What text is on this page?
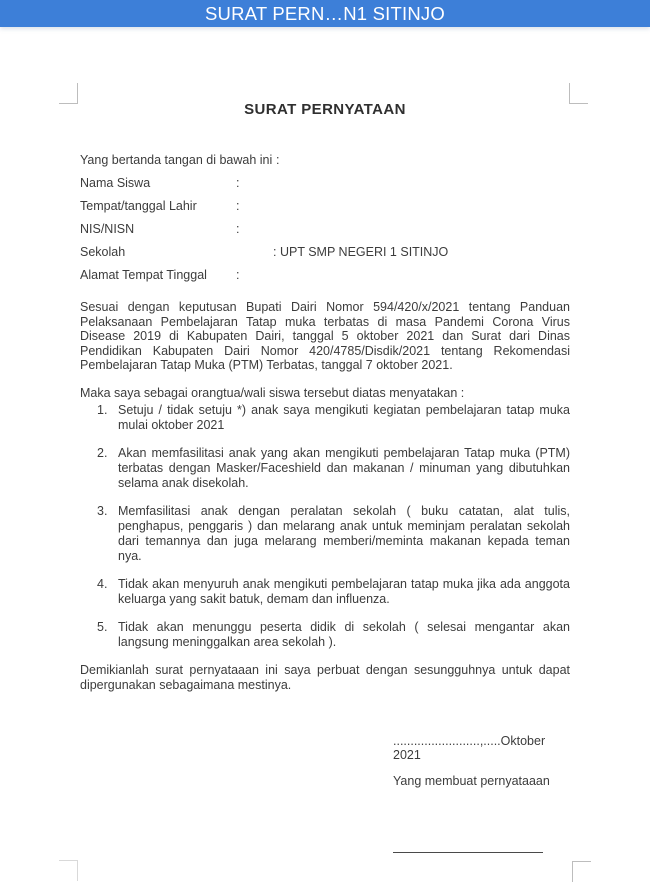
SURAT PERN…N1 SITINJO
SURAT PERNYATAAN
Yang bertanda tangan di bawah ini :
Nama Siswa	:
Tempat/tanggal Lahir	:
NIS/NISN	:
Sekolah	: UPT SMP NEGERI 1 SITINJO
Alamat Tempat Tinggal	:

Sesuai dengan keputusan Bupati Dairi Nomor 594/420/x/2021 tentang Panduan Pelaksanaan Pembelajaran Tatap muka terbatas di masa Pandemi Corona Virus Disease 2019 di Kabupaten Dairi, tanggal 5 oktober 2021 dan Surat dari Dinas Pendidikan Kabupaten Dairi Nomor 420/4785/Disdik/2021 tentang Rekomendasi Pembelajaran Tatap Muka (PTM) Terbatas, tanggal 7 oktober 2021.

Maka saya sebagai orangtua/wali siswa tersebut diatas menyatakan :

1. Setuju / tidak setuju *) anak saya mengikuti kegiatan pembelajaran tatap muka mulai oktober 2021
2. Akan memfasilitasi anak yang akan mengikuti pembelajaran Tatap muka (PTM) terbatas dengan Masker/Faceshield dan makanan / minuman yang dibutuhkan selama anak disekolah.
3. Memfasilitasi anak dengan peralatan sekolah ( buku catatan, alat tulis, penghapus, penggaris ) dan melarang anak untuk meminjam peralatan sekolah dari temannya dan juga melarang memberi/meminta makanan kepada teman nya.
4. Tidak akan menyuruh anak mengikuti pembelajaran tatap muka jika ada anggota keluarga yang sakit batuk, demam dan influenza.
5. Tidak akan menunggu peserta didik di sekolah ( selesai mengantar akan langsung meninggalkan area sekolah ).

Demikianlah surat pernyataaan ini saya perbuat dengan sesungguhnya untuk dapat dipergunakan sebagaimana mestinya.

.........................,.....Oktober 2021
Yang membuat pernyataaan
